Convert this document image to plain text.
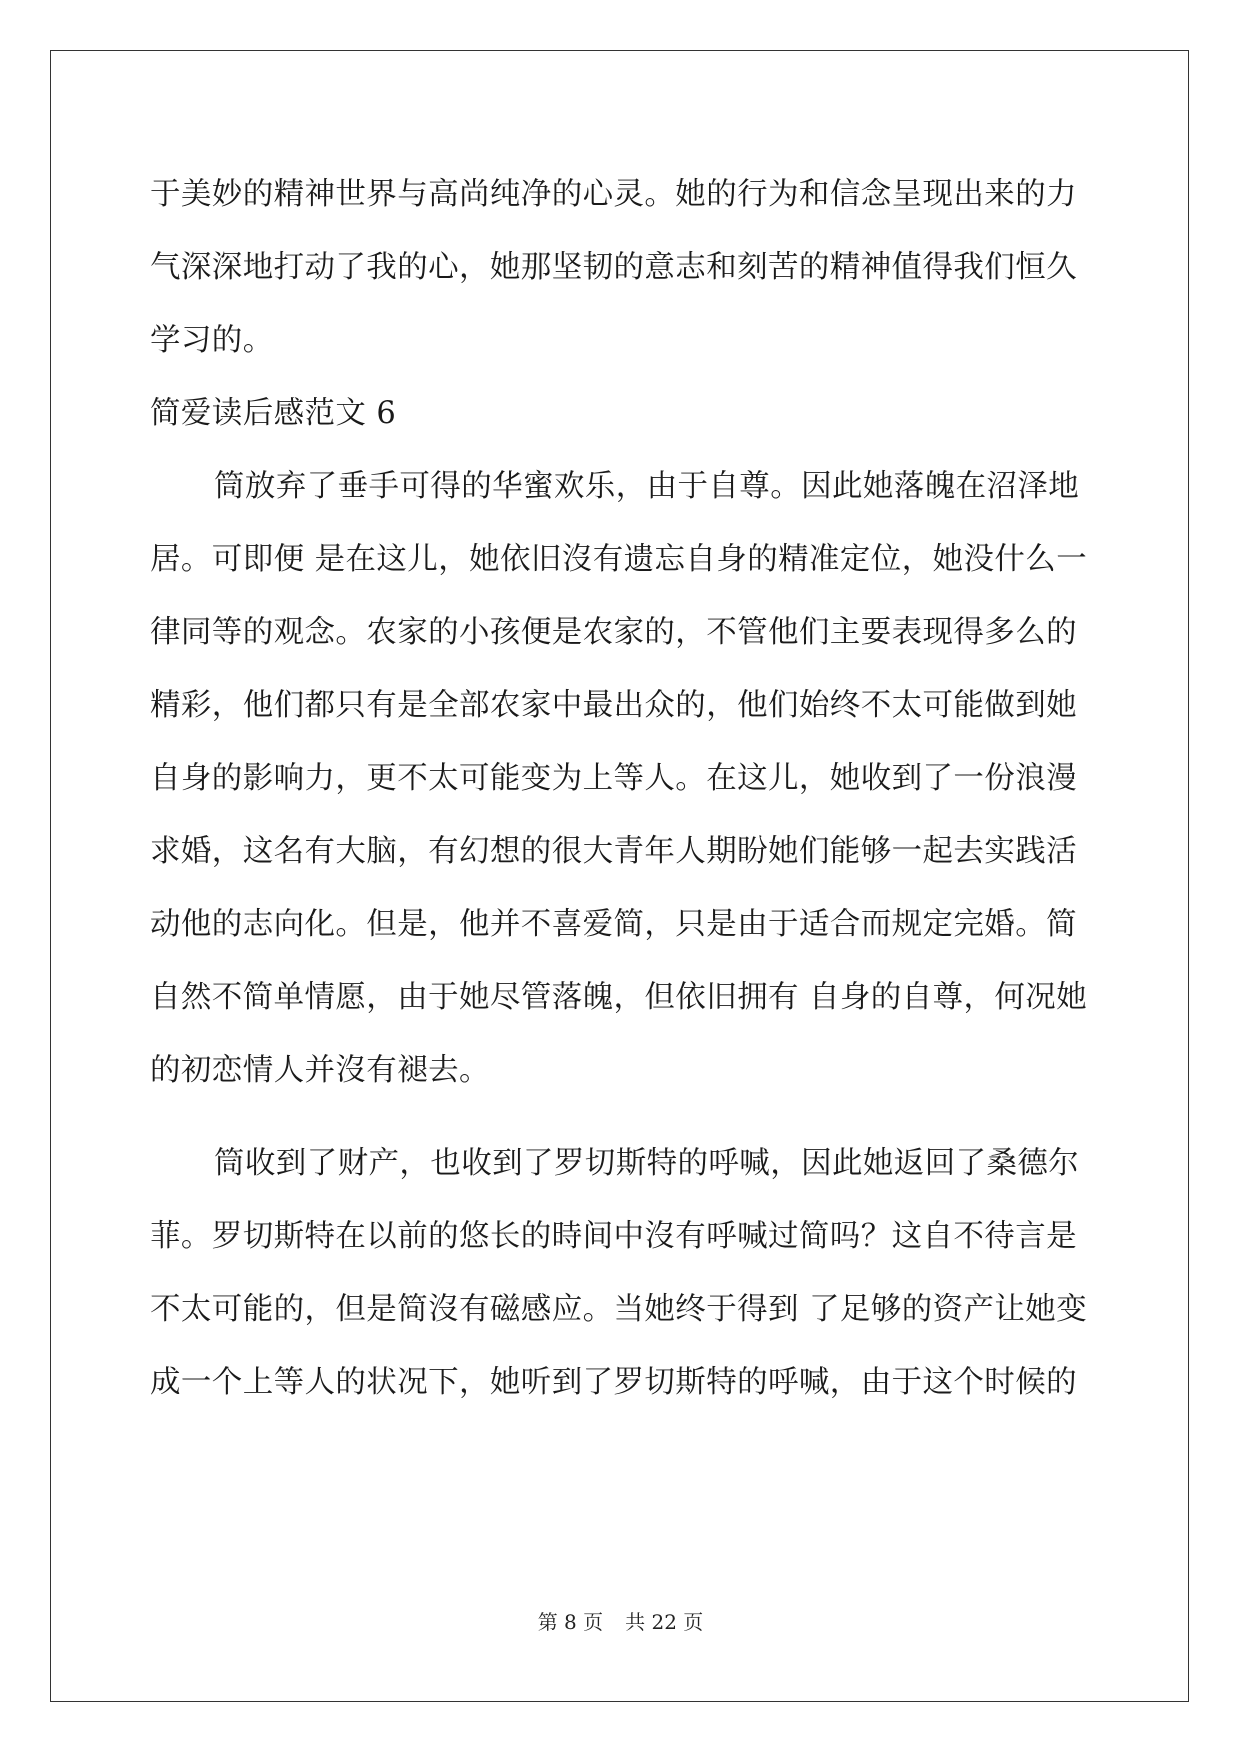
于美妙的精神世界与高尚纯净的心灵。她的行为和信念呈现出来的力
气深深地打动了我的心，她那坚韧的意志和刻苦的精神值得我们恒久
学习的。
简爱读后感范文 6
筒放弃了垂手可得的华蜜欢乐，由于自尊。因此她落魄在沼泽地
居。可即便 是在这儿，她依旧沒有遗忘自身的精准定位，她没什么一
律同等的观念。农家的小孩便是农家的，不管他们主要表现得多么的
精彩，他们都只有是全部农家中最出众的，他们始终不太可能做到她
自身的影响力，更不太可能变为上等人。在这儿，她收到了一份浪漫
求婚，这名有大脑，有幻想的很大青年人期盼她们能够一起去实践活
动他的志向化。但是，他并不喜爱简，只是由于适合而规定完婚。简
自然不简单情愿，由于她尽管落魄，但依旧拥有 自身的自尊，何况她
的初恋情人并沒有褪去。
筒收到了财产，也收到了罗切斯特的呼喊，因此她返回了桑德尔
菲。罗切斯特在以前的悠长的時间中沒有呼喊过简吗？这自不待言是
不太可能的，但是简沒有磁感应。当她终于得到 了足够的资产让她变
成一个上等人的状况下，她听到了罗切斯特的呼喊，由于这个时候的
第 8 页 共 22 页
